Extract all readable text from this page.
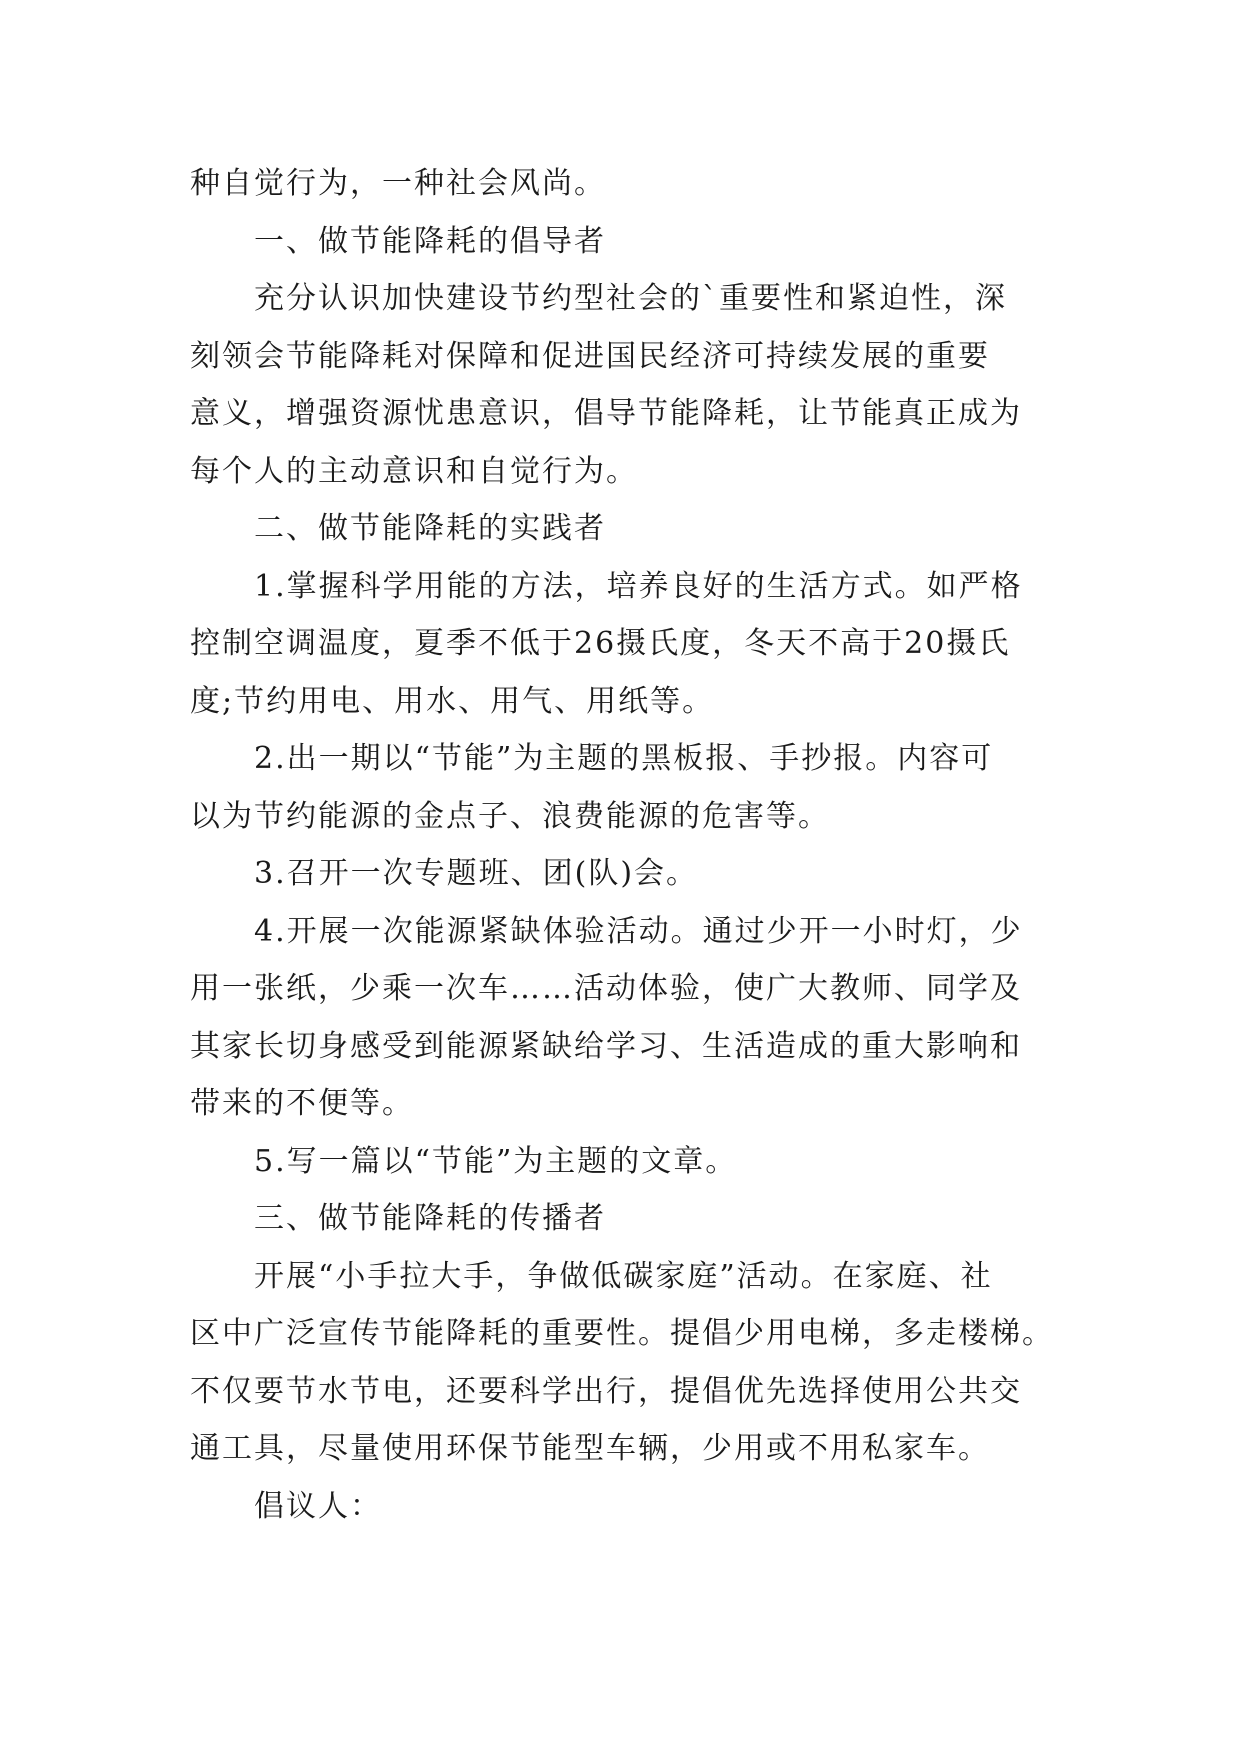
种自觉行为，一种社会风尚。
一、做节能降耗的倡导者
充分认识加快建设节约型社会的`重要性和紧迫性，深
刻领会节能降耗对保障和促进国民经济可持续发展的重要
意义，增强资源忧患意识，倡导节能降耗，让节能真正成为
每个人的主动意识和自觉行为。
二、做节能降耗的实践者
1.掌握科学用能的方法，培养良好的生活方式。如严格
控制空调温度，夏季不低于26摄氏度，冬天不高于20摄氏
度;节约用电、用水、用气、用纸等。
2.出一期以“节能”为主题的黑板报、手抄报。内容可
以为节约能源的金点子、浪费能源的危害等。
3.召开一次专题班、团(队)会。
4.开展一次能源紧缺体验活动。通过少开一小时灯，少
用一张纸，少乘一次车……活动体验，使广大教师、同学及
其家长切身感受到能源紧缺给学习、生活造成的重大影响和
带来的不便等。
5.写一篇以“节能”为主题的文章。
三、做节能降耗的传播者
开展“小手拉大手，争做低碳家庭”活动。在家庭、社
区中广泛宣传节能降耗的重要性。提倡少用电梯，多走楼梯。
不仅要节水节电，还要科学出行，提倡优先选择使用公共交
通工具，尽量使用环保节能型车辆，少用或不用私家车。
倡议人：
